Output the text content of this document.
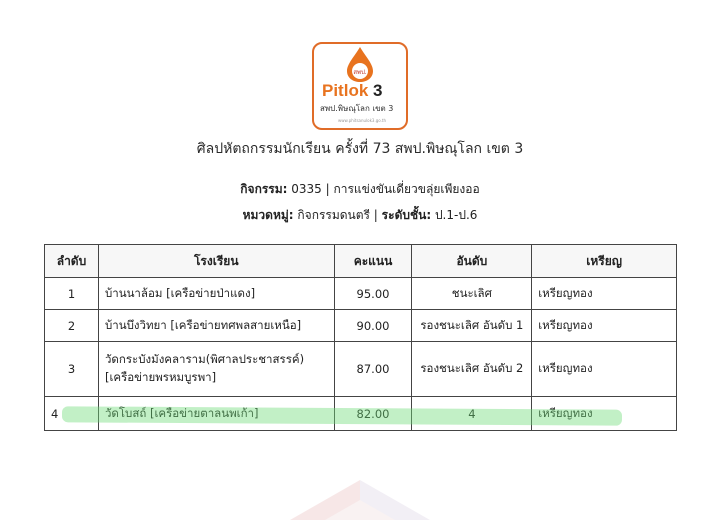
สพป.
Pitlok 3
สพป.พิษณุโลก เขต 3
www.phitsanulok3.go.th
ศิลปหัตถกรรมนักเรียน ครั้งที่ 73 สพป.พิษณุโลก เขต 3
กิจกรรม: 0335 | การแข่งขันเดี่ยวขลุ่ยเพียงออ
หมวดหมู่: กิจกรรมดนตรี | ระดับชั้น: ป.1-ป.6
ลำดับ	โรงเรียน	คะแนน	อันดับ	เหรียญ
1	บ้านนาล้อม [เครือข่ายป่าแดง]	95.00	ชนะเลิศ	เหรียญทอง
2	บ้านบึงวิทยา [เครือข่ายทศพลสายเหนือ]	90.00	รองชนะเลิศ อันดับ 1	เหรียญทอง
3	วัดกระบังมังคลาราม(พิศาลประชาสรรค์)
[เครือข่ายพรหมบูรพา]	87.00	รองชนะเลิศ อันดับ 2	เหรียญทอง
4	วัดโบสถ์ [เครือข่ายตาลนพเก้า]	82.00	4	เหรียญทอง
